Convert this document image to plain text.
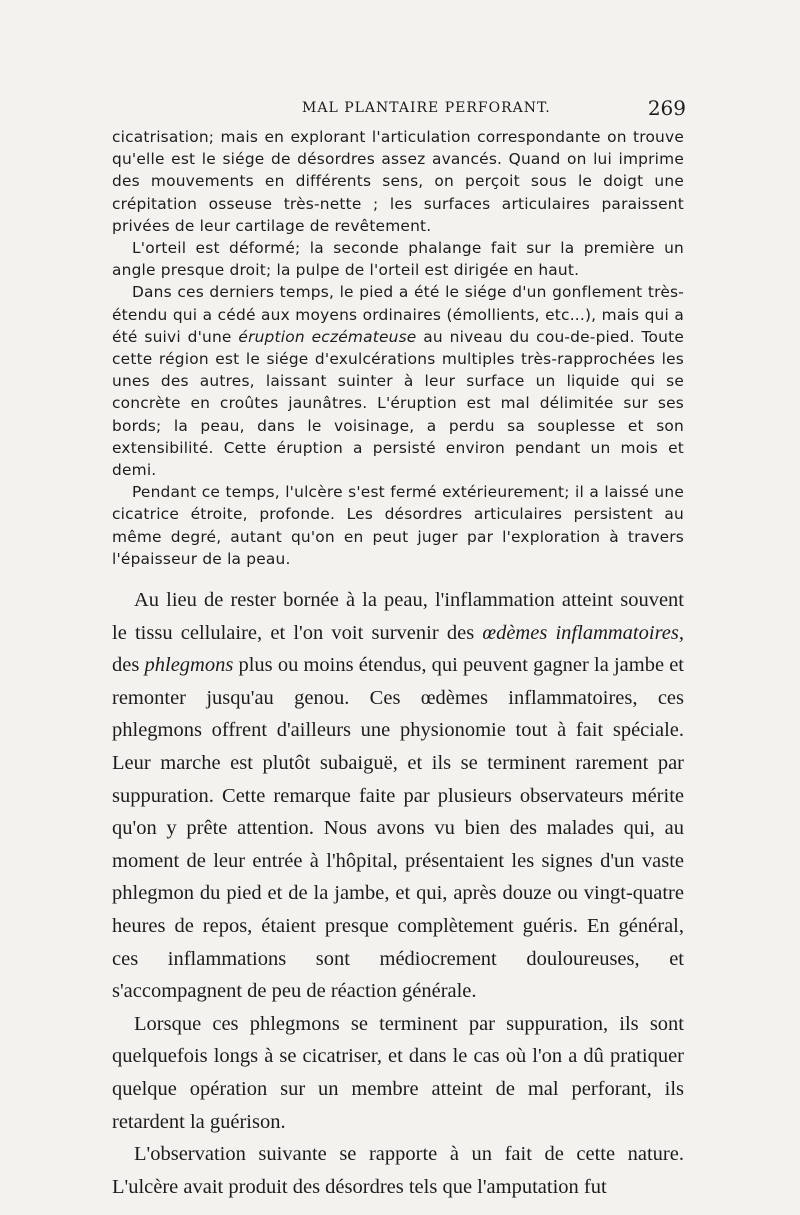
MAL PLANTAIRE PERFORANT.	269

cicatrisation; mais en explorant l'articulation correspondante on trouve qu'elle est le siége de désordres assez avancés. Quand on lui imprime des mouvements en différents sens, on perçoit sous le doigt une crépitation osseuse très-nette ; les surfaces articulaires paraissent privées de leur cartilage de revêtement.

L'orteil est déformé; la seconde phalange fait sur la première un angle presque droit; la pulpe de l'orteil est dirigée en haut.

Dans ces derniers temps, le pied a été le siége d'un gonflement très-étendu qui a cédé aux moyens ordinaires (émollients, etc...), mais qui a été suivi d'une éruption eczémateuse au niveau du cou-de-pied. Toute cette région est le siége d'exulcérations multiples très-rapprochées les unes des autres, laissant suinter à leur surface un liquide qui se concrète en croûtes jaunâtres. L'éruption est mal délimitée sur ses bords; la peau, dans le voisinage, a perdu sa souplesse et son extensibilité. Cette éruption a persisté environ pendant un mois et demi.

Pendant ce temps, l'ulcère s'est fermé extérieurement; il a laissé une cicatrice étroite, profonde. Les désordres articulaires persistent au même degré, autant qu'on en peut juger par l'exploration à travers l'épaisseur de la peau.

Au lieu de rester bornée à la peau, l'inflammation atteint souvent le tissu cellulaire, et l'on voit survenir des œdèmes inflammatoires, des phlegmons plus ou moins étendus, qui peuvent gagner la jambe et remonter jusqu'au genou. Ces œdèmes inflammatoires, ces phlegmons offrent d'ailleurs une physionomie tout à fait spéciale. Leur marche est plutôt subaiguë, et ils se terminent rarement par suppuration. Cette remarque faite par plusieurs observateurs mérite qu'on y prête attention. Nous avons vu bien des malades qui, au moment de leur entrée à l'hôpital, présentaient les signes d'un vaste phlegmon du pied et de la jambe, et qui, après douze ou vingt-quatre heures de repos, étaient presque complètement guéris. En général, ces inflammations sont médiocrement douloureuses, et s'accompagnent de peu de réaction générale.

Lorsque ces phlegmons se terminent par suppuration, ils sont quelquefois longs à se cicatriser, et dans le cas où l'on a dû pratiquer quelque opération sur un membre atteint de mal perforant, ils retardent la guérison.

L'observation suivante se rapporte à un fait de cette nature. L'ulcère avait produit des désordres tels que l'amputation fut
